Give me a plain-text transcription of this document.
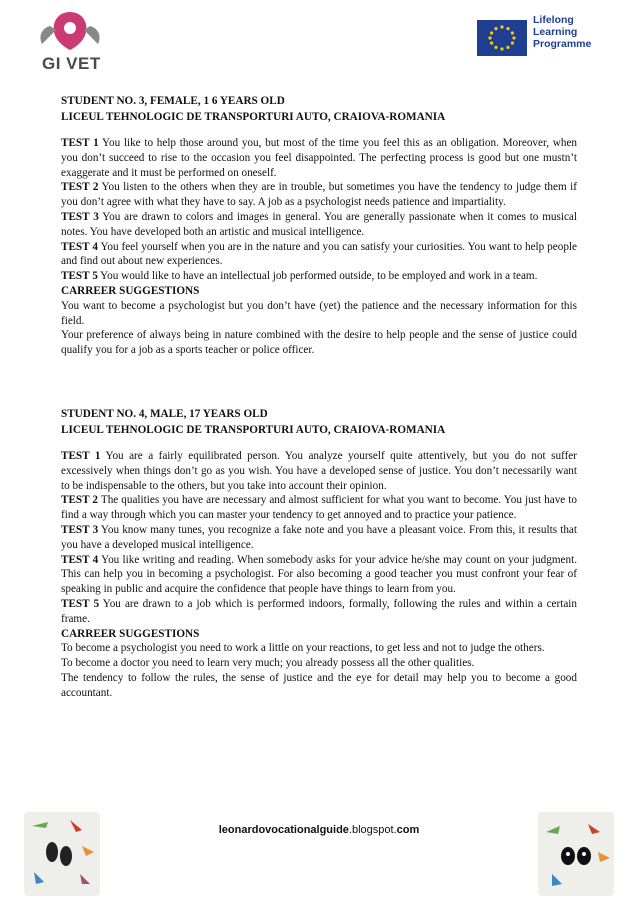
GI VET
Lifelong
Learning
Programme
STUDENT NO. 3, FEMALE, 1 6 YEARS OLD
LICEUL TEHNOLOGIC DE TRANSPORTURI AUTO, CRAIOVA-ROMANIA

TEST 1 You like to help those around you, but most of the time you feel this as an obligation. Moreover, when you don’t succeed to rise to the occasion you feel disappointed. The perfecting process is good but one mustn’t exaggerate and it must be performed on oneself.

TEST 2 You listen to the others when they are in trouble, but sometimes you have the tendency to judge them if you don’t agree with what they have to say. A job as a psychologist needs patience and impartiality.

TEST 3 You are drawn to colors and images in general. You are generally passionate when it comes to musical notes. You have developed both an artistic and musical intelligence.

TEST 4 You feel yourself when you are in the nature and you can satisfy your curiosities. You want to help people and find out about new experiences.

TEST 5 You would like to have an intellectual job performed outside, to be employed and work in a team.

CARREER SUGGESTIONS

You want to become a psychologist but you don’t have (yet) the patience and the necessary information for this field.

Your preference of always being in nature combined with the desire to help people and the sense of justice could qualify you for a job as a sports teacher or police officer.

STUDENT NO. 4, MALE, 17 YEARS OLD
LICEUL TEHNOLOGIC DE TRANSPORTURI AUTO, CRAIOVA-ROMANIA

TEST 1 You are a fairly equilibrated person. You analyze yourself quite attentively, but you do not suffer excessively when things don’t go as you wish. You have a developed sense of justice. You don’t necessarily want to be indispensable to the others, but you take into account their opinion.

TEST 2 The qualities you have are necessary and almost sufficient for what you want to become. You just have to find a way through which you can master your tendency to get annoyed and to practice your patience.

TEST 3 You know many tunes, you recognize a fake note and you have a pleasant voice. From this, it results that you have a developed musical intelligence.

TEST 4 You like writing and reading. When somebody asks for your advice he/she may count on your judgment. This can help you in becoming a psychologist. For also becoming a good teacher you must confront your fear of speaking in public and acquire the confidence that people have things to learn from you.

TEST 5 You are drawn to a job which is performed indoors, formally, following the rules and within a certain frame.

CARREER SUGGESTIONS

To become a psychologist you need to work a little on your reactions, to get less and not to judge the others.

To become a doctor you need to learn very much; you already possess all the other qualities.

The tendency to follow the rules, the sense of justice and the eye for detail may help you to become a good accountant.

leonardovocationalguide.blogspot.com
